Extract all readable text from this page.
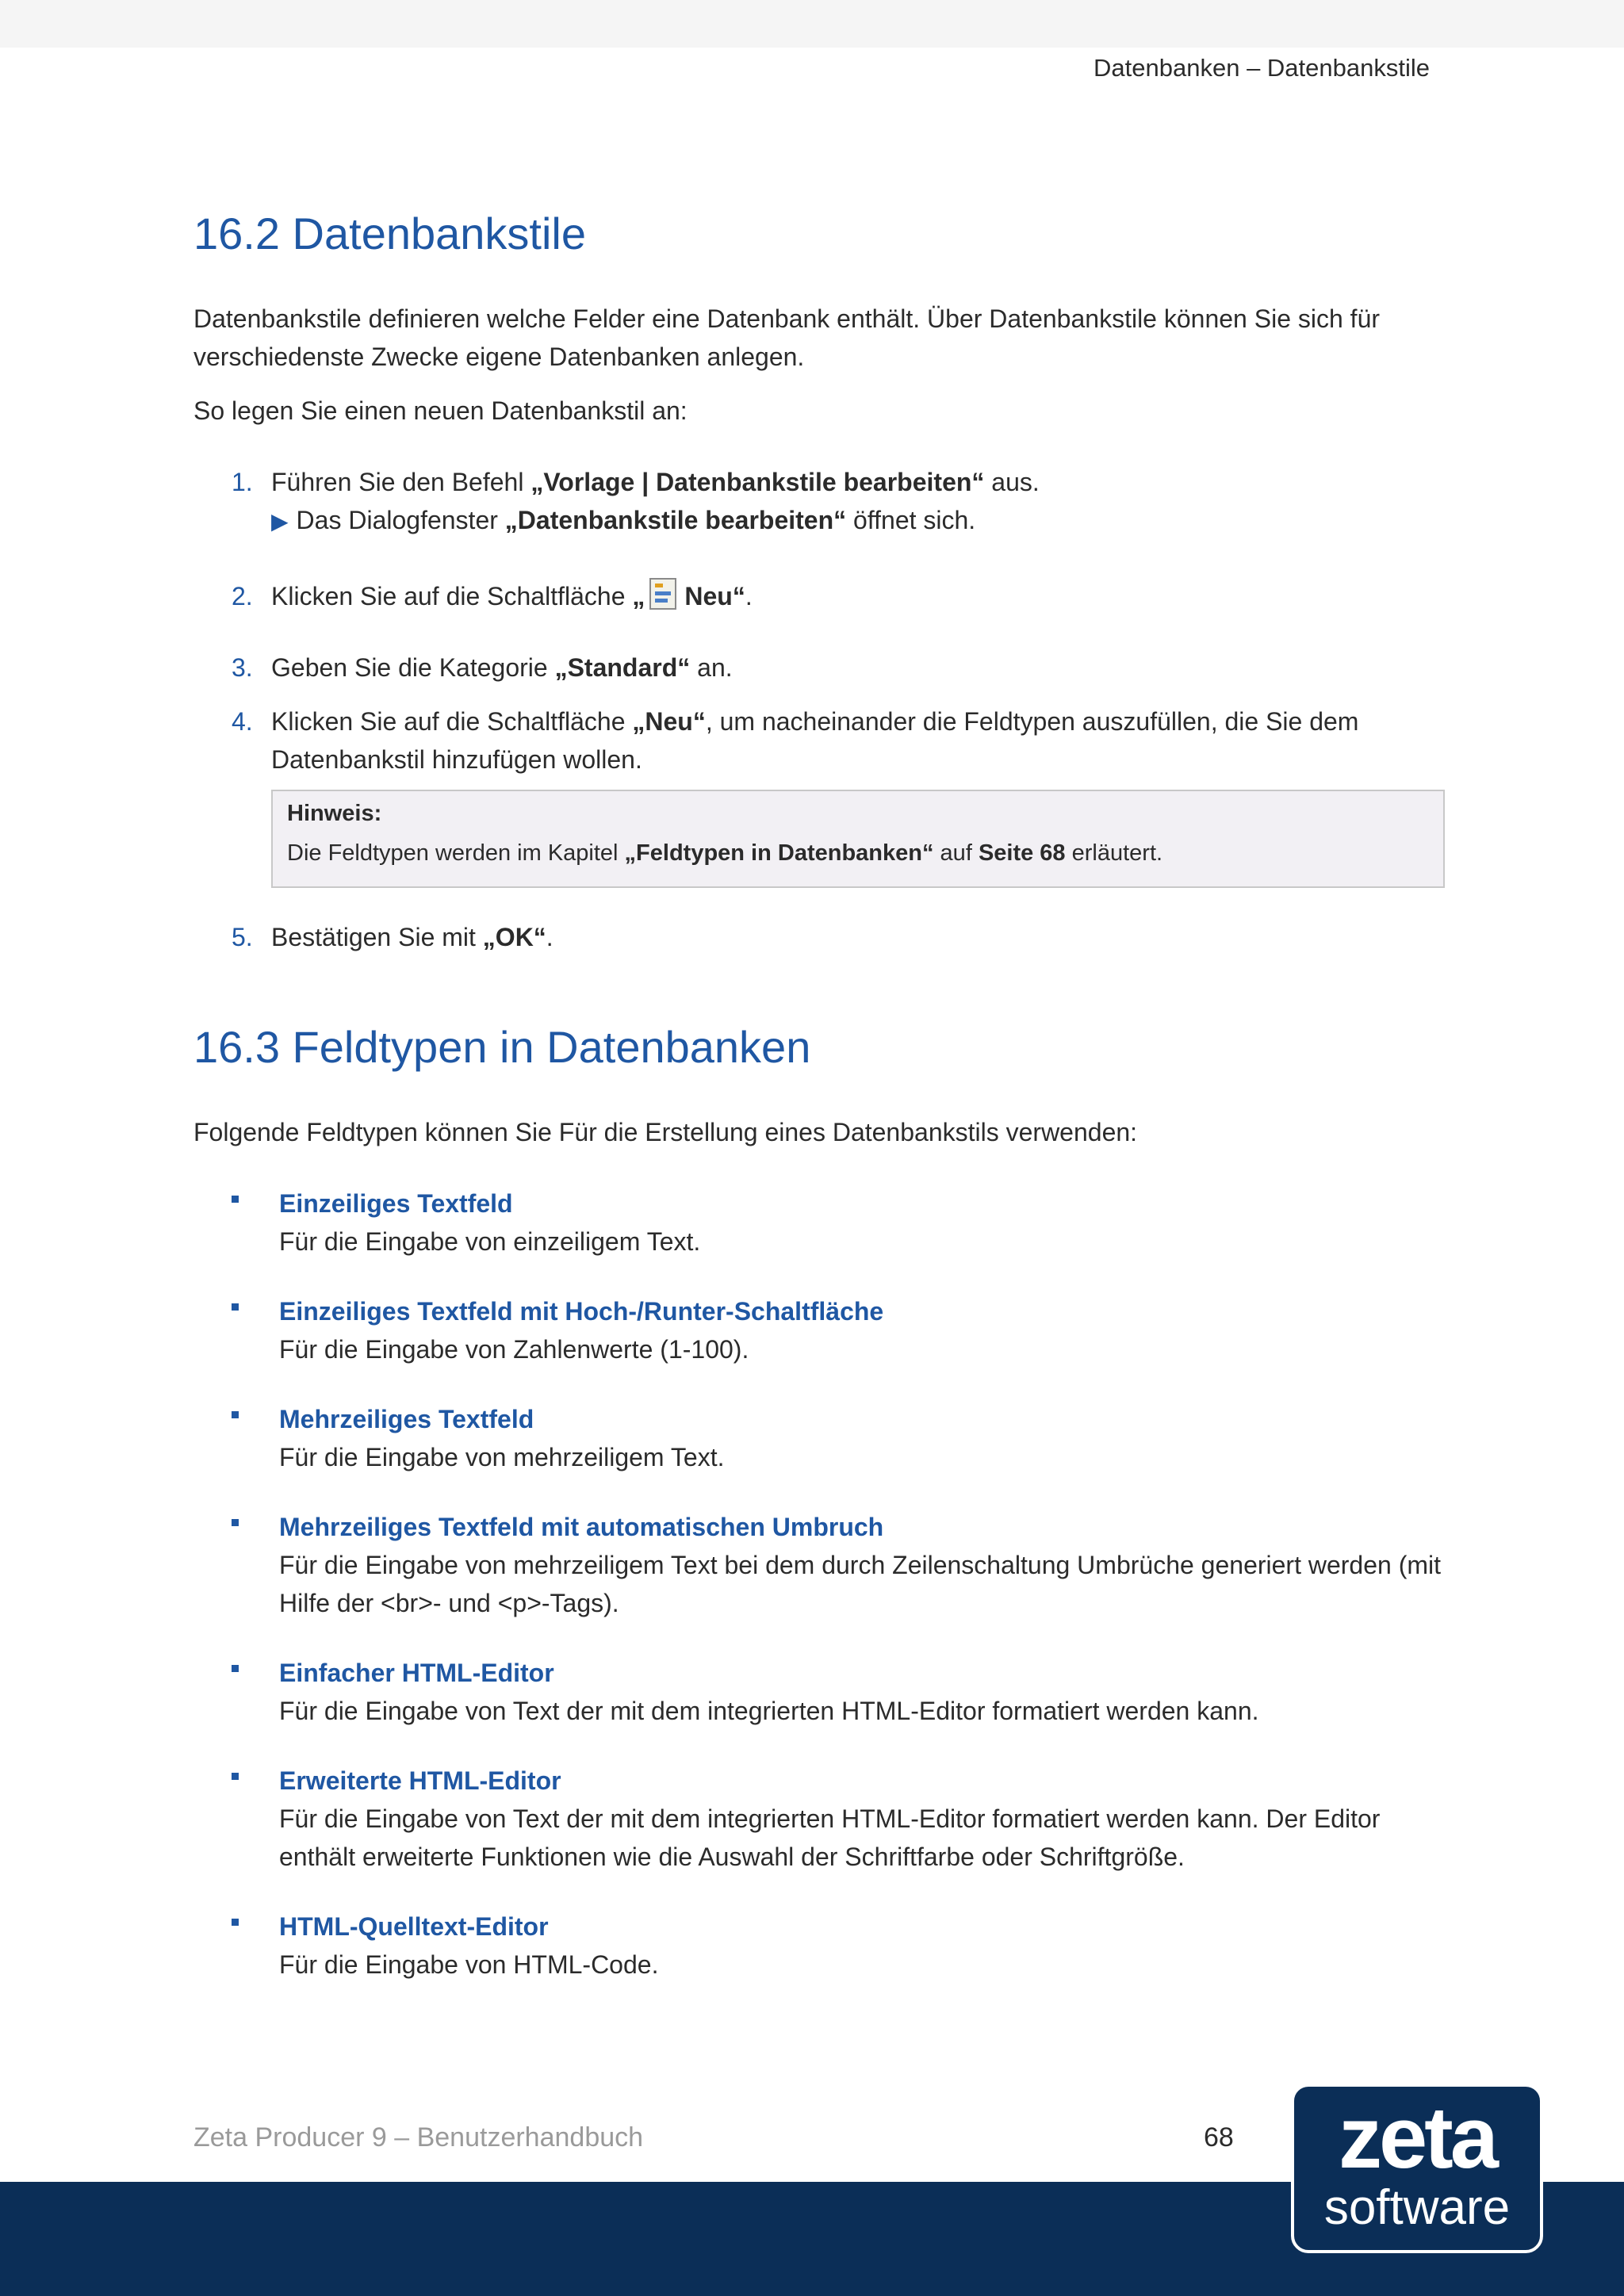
Datenbanken – Datenbankstile
16.2 Datenbankstile

Datenbankstile definieren welche Felder eine Datenbank enthält. Über Datenbankstile können Sie sich für verschiedenste Zwecke eigene Datenbanken anlegen.

So legen Sie einen neuen Datenbankstil an:

1. Führen Sie den Befehl „Vorlage | Datenbankstile bearbeiten“ aus.
▶ Das Dialogfenster „Datenbankstile bearbeiten“ öffnet sich.
2. Klicken Sie auf die Schaltfläche „ Neu“.
3. Geben Sie die Kategorie „Standard“ an.
4. Klicken Sie auf die Schaltfläche „Neu“, um nacheinander die Feldtypen auszufüllen, die Sie dem Datenbankstil hinzufügen wollen.
Hinweis:
Die Feldtypen werden im Kapitel „Feldtypen in Datenbanken“ auf Seite 68 erläutert.
5. Bestätigen Sie mit „OK“.
16.3 Feldtypen in Datenbanken

Folgende Feldtypen können Sie Für die Erstellung eines Datenbankstils verwenden:

Einzeiliges Textfeld
Für die Eingabe von einzeiligem Text.
Einzeiliges Textfeld mit Hoch-/Runter-Schaltfläche
Für die Eingabe von Zahlenwerte (1-100).
Mehrzeiliges Textfeld
Für die Eingabe von mehrzeiligem Text.
Mehrzeiliges Textfeld mit automatischen Umbruch
Für die Eingabe von mehrzeiligem Text bei dem durch Zeilenschaltung Umbrüche generiert werden (mit Hilfe der <br>- und <p>-Tags).
Einfacher HTML-Editor
Für die Eingabe von Text der mit dem integrierten HTML-Editor formatiert werden kann.
Erweiterte HTML-Editor
Für die Eingabe von Text der mit dem integrierten HTML-Editor formatiert werden kann. Der Editor enthält erweiterte Funktionen wie die Auswahl der Schriftfarbe oder Schriftgröße.
HTML-Quelltext-Editor
Für die Eingabe von HTML-Code.
Zeta Producer 9 – Benutzerhandbuch	68	zeta
software
